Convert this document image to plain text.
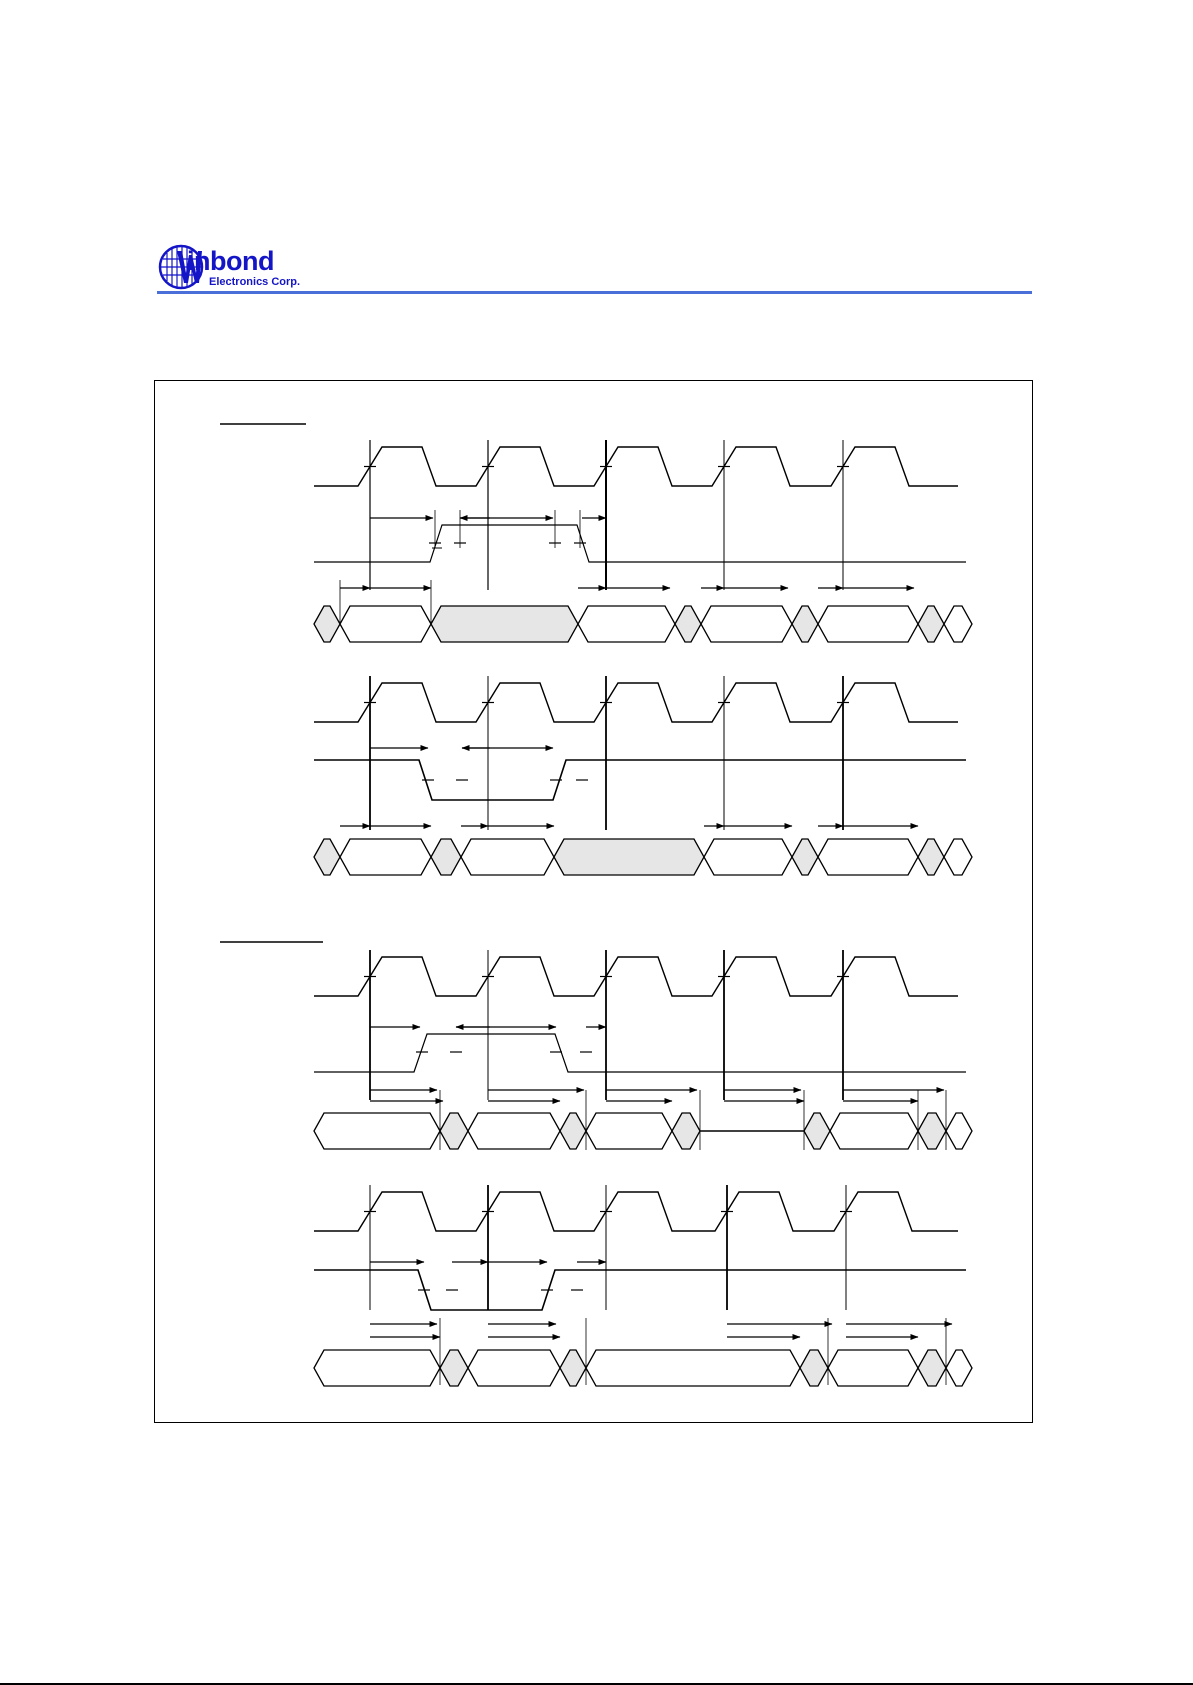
inbond
Electronics Corp.
